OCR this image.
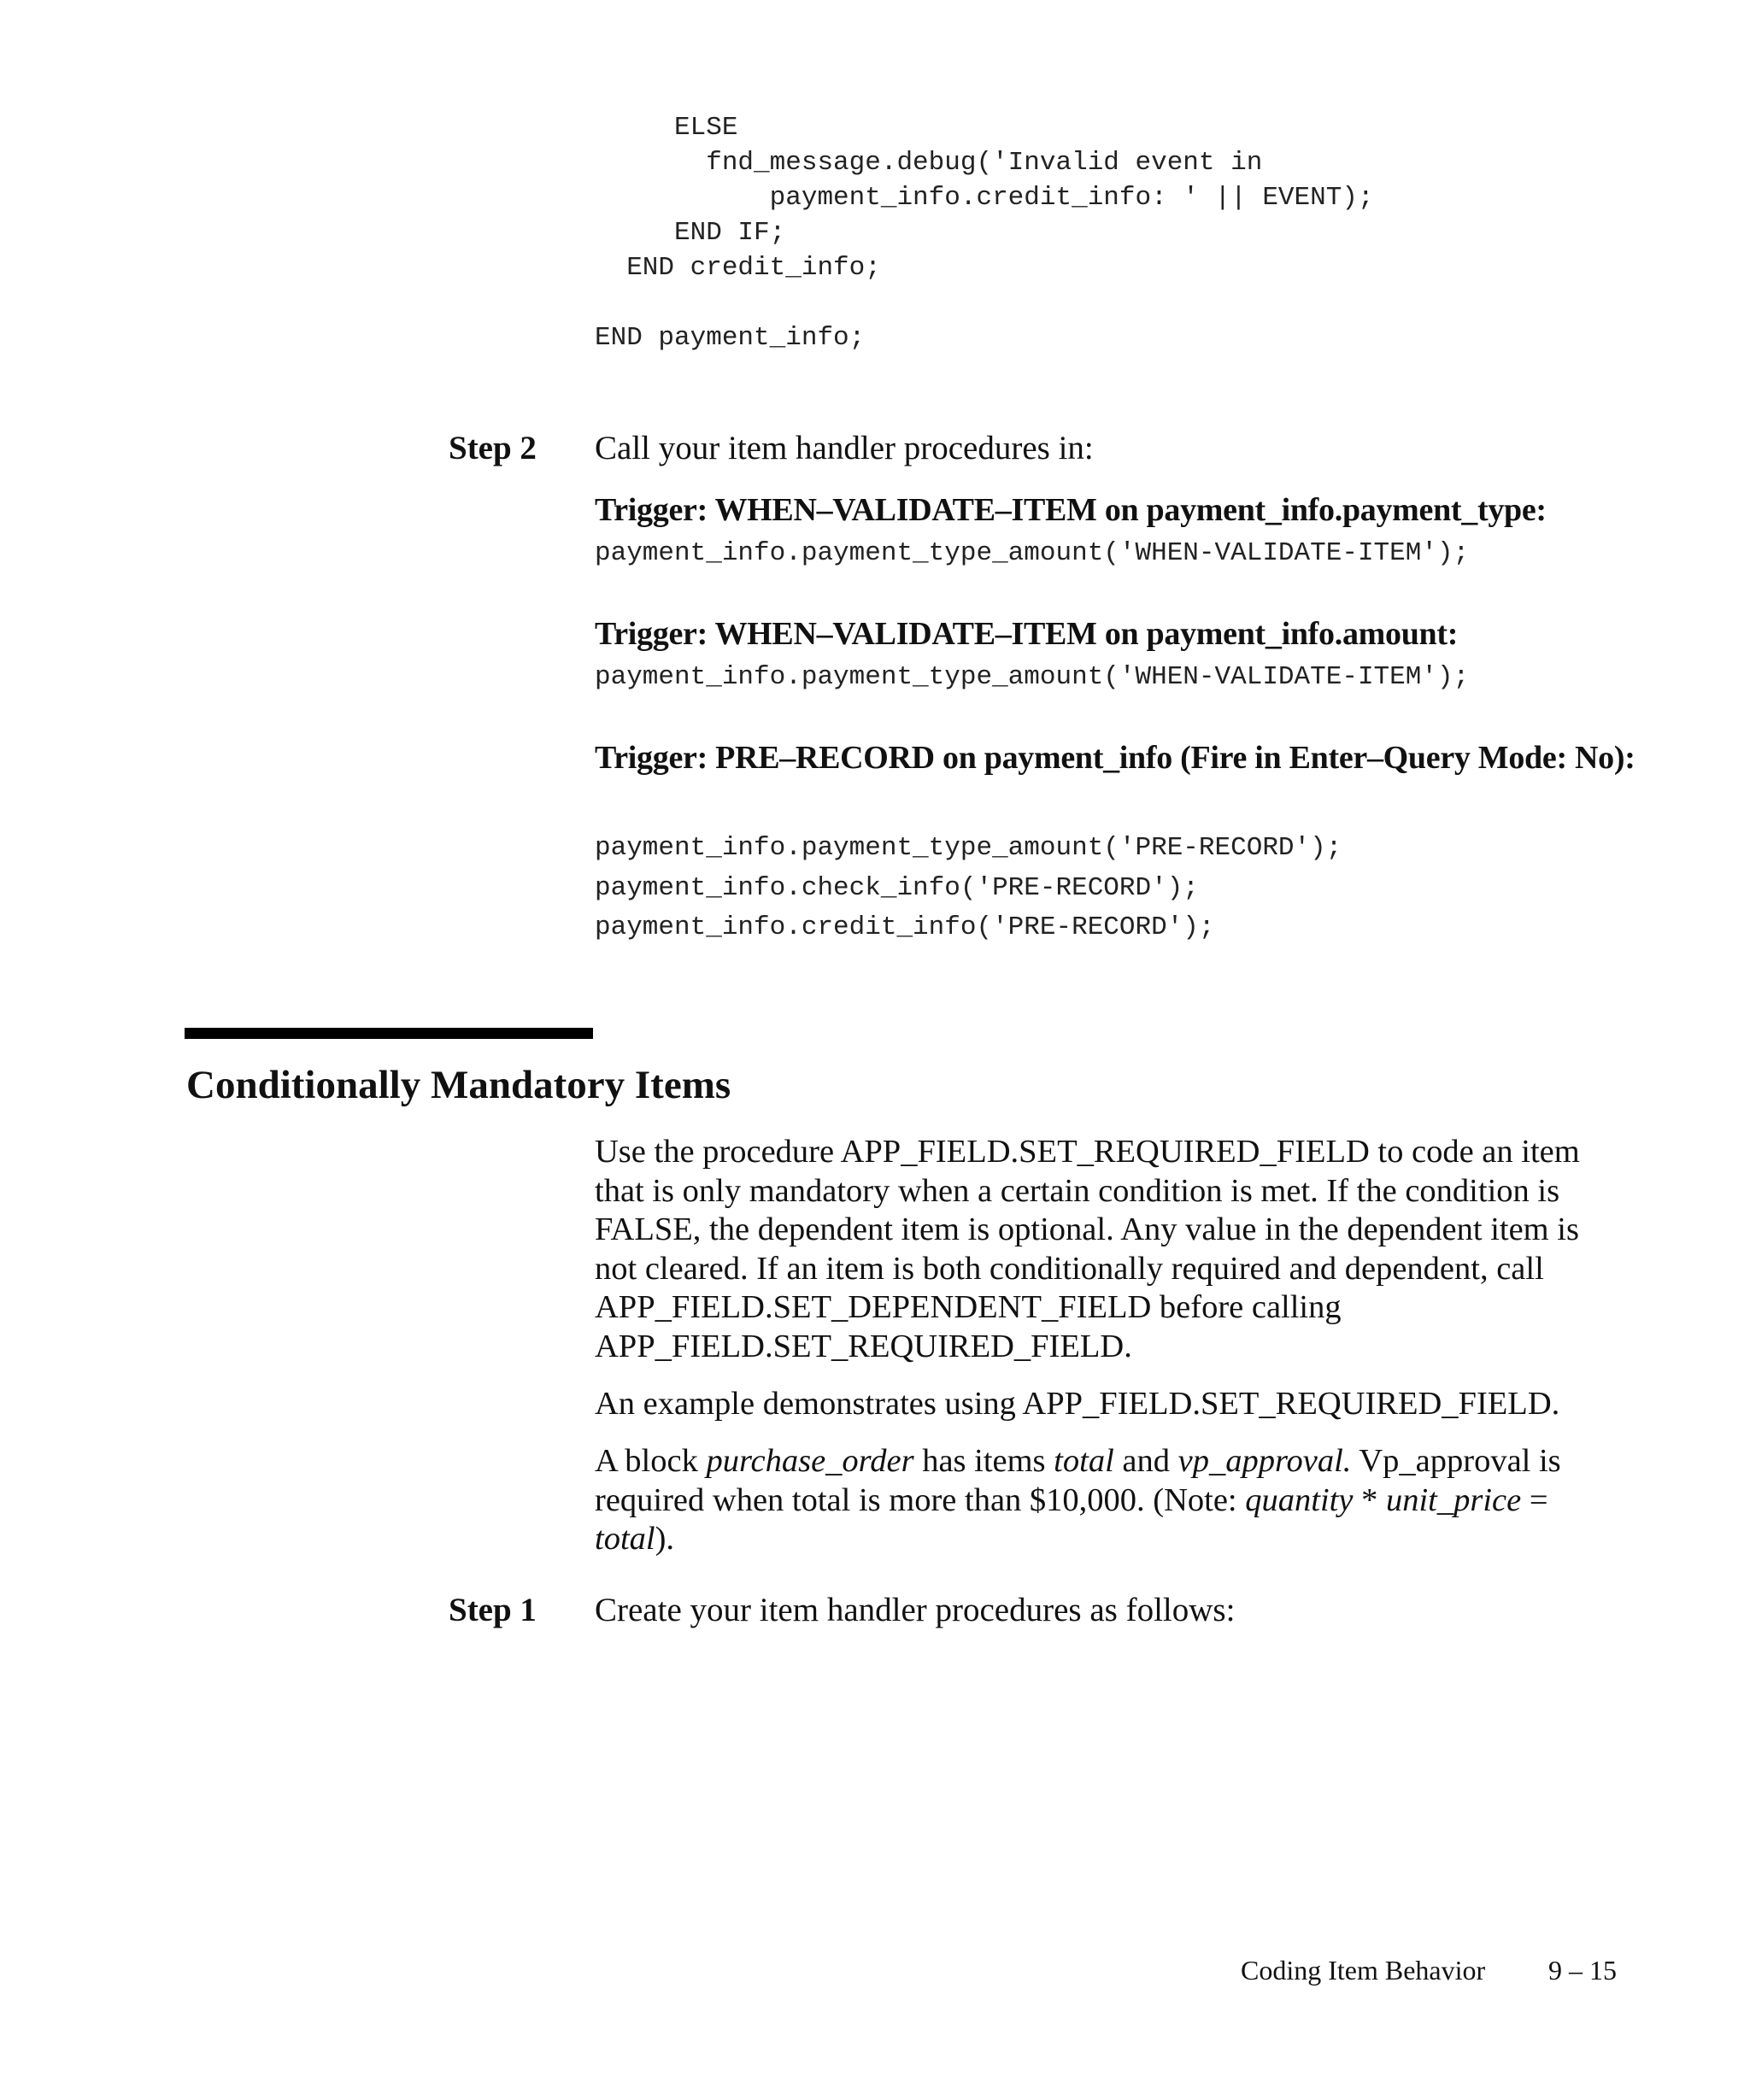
ELSE
fnd_message.debug('Invalid event in
payment_info.credit_info: ' || EVENT);
END IF;
END credit_info;

END payment_info;
Step 2 Call your item handler procedures in:
Trigger: WHEN–VALIDATE–ITEM on payment_info.payment_type:
payment_info.payment_type_amount('WHEN-VALIDATE-ITEM');
Trigger: WHEN–VALIDATE–ITEM on payment_info.amount:
payment_info.payment_type_amount('WHEN-VALIDATE-ITEM');
Trigger: PRE–RECORD on payment_info (Fire in Enter–Query Mode: No):
payment_info.payment_type_amount('PRE-RECORD');
payment_info.check_info('PRE-RECORD');
payment_info.credit_info('PRE-RECORD');
Conditionally Mandatory Items

Use the procedure APP_FIELD.SET_REQUIRED_FIELD to code an item that is only mandatory when a certain condition is met. If the condition is FALSE, the dependent item is optional. Any value in the dependent item is not cleared. If an item is both conditionally required and dependent, call APP_FIELD.SET_DEPENDENT_FIELD before calling APP_FIELD.SET_REQUIRED_FIELD.

An example demonstrates using APP_FIELD.SET_REQUIRED_FIELD.

A block purchase_order has items total and vp_approval. Vp_approval is required when total is more than $10,000. (Note: quantity * unit_price = total).

Step 1 Create your item handler procedures as follows:
Coding Item Behavior 9 – 15
